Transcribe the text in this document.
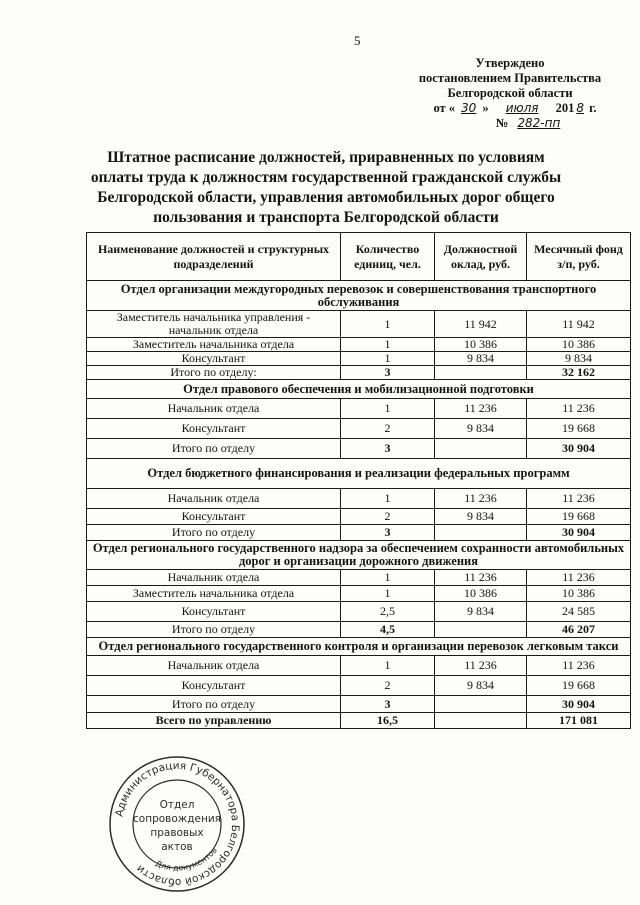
5
Утверждено
постановлением Правительства
Белгородской области
от « 30 » июля 201 8 г.
№ 282-пп
Штатное расписание должностей, приравненных по условиям оплаты труда к должностям государственной гражданской службы Белгородской области, управления автомобильных дорог общего пользования и транспорта Белгородской области
Наименование должностей и структурных подразделений	Количество единиц, чел.	Должностной оклад, руб.	Месячный фонд з/п, руб.
Отдел организации междугородных перевозок и совершенствования транспортного обслуживания			
Заместитель начальника управления - начальник отдела	1	11 942	11 942
Заместитель начальника отдела	1	10 386	10 386
Консультант	1	9 834	9 834
Итого по отделу:	3		32 162
Отдел правового обеспечения и мобилизационной подготовки			
Начальник отдела	1	11 236	11 236
Консультант	2	9 834	19 668
Итого по отделу	3		30 904
Отдел бюджетного финансирования и реализации федеральных программ			
Начальник отдела	1	11 236	11 236
Консультант	2	9 834	19 668
Итого по отделу	3		30 904
Отдел регионального государственного надзора за обеспечением сохранности автомобильных дорог и организации дорожного движения			
Начальник отдела	1	11 236	11 236
Заместитель начальника отдела	1	10 386	10 386
Консультант	2,5	9 834	24 585
Итого по отделу	4,5		46 207
Отдел регионального государственного контроля и организации перевозок легковым такси			
Начальник отдела	1	11 236	11 236
Консультант	2	9 834	19 668
Итого по отделу	3		30 904
Всего по управлению	16,5		171 081
Администрация Губернатора Белгородской области Для документов
Отдел
сопровождения
правовых
актов
